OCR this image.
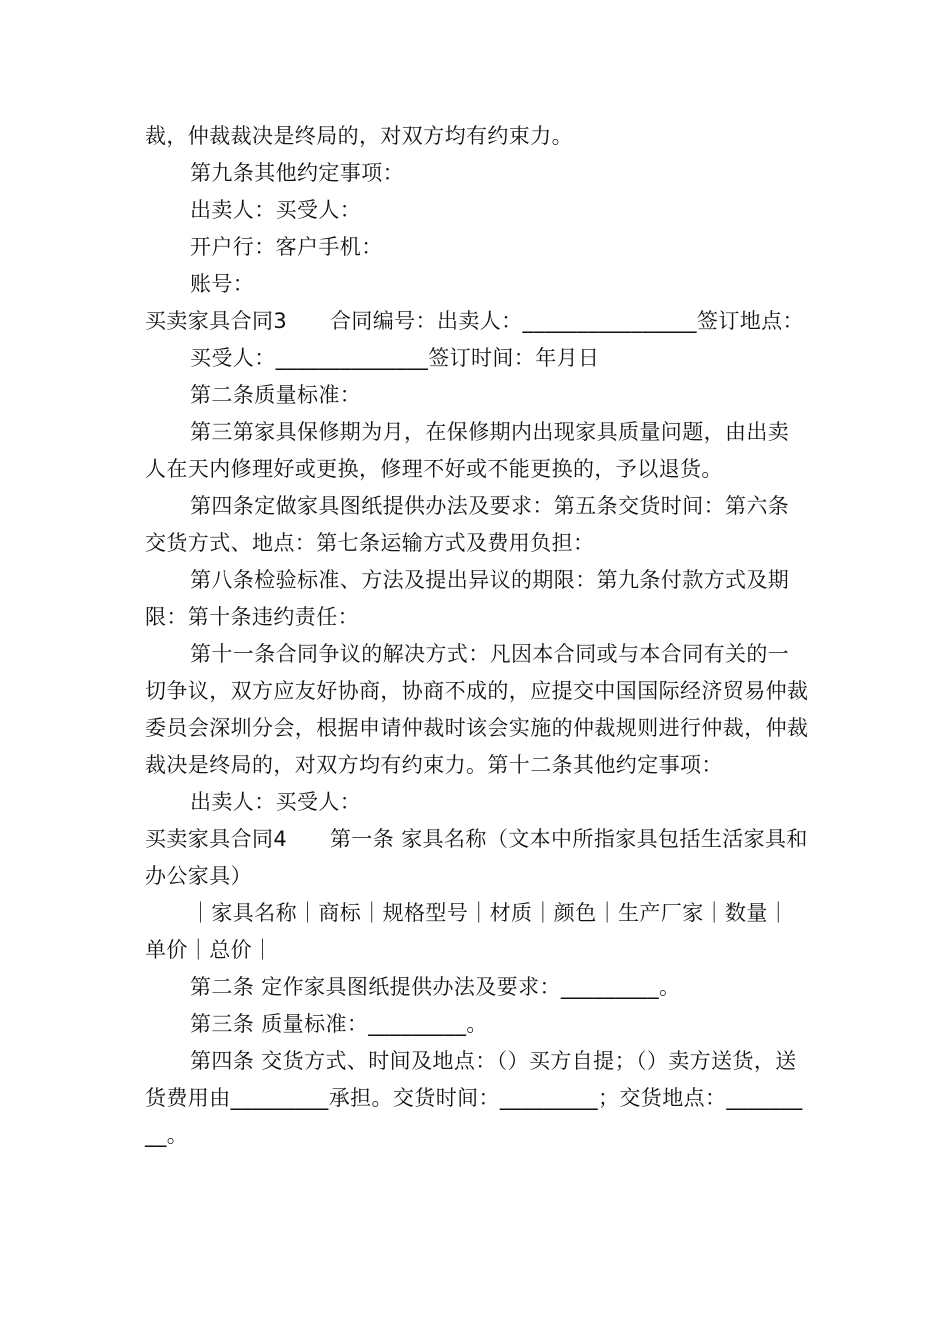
裁，仲裁裁决是终局的，对双方均有约束力。

第九条其他约定事项：

出卖人：买受人：

开户行：客户手机：

账号：

买卖家具合同3　　合同编号：出卖人：________________签订地点：

买受人：______________签订时间：年月日

第二条质量标准：

第三第家具保修期为月，在保修期内出现家具质量问题，由出卖人在天内修理好或更换，修理不好或不能更换的，予以退货。

第四条定做家具图纸提供办法及要求：第五条交货时间：第六条交货方式、地点：第七条运输方式及费用负担：

第八条检验标准、方法及提出异议的期限：第九条付款方式及期限：第十条违约责任：

第十一条合同争议的解决方式：凡因本合同或与本合同有关的一切争议，双方应友好协商，协商不成的，应提交中国国际经济贸易仲裁委员会深圳分会，根据申请仲裁时该会实施的仲裁规则进行仲裁，仲裁裁决是终局的，对双方均有约束力。第十二条其他约定事项：

出卖人：买受人：

买卖家具合同4　　第一条 家具名称（文本中所指家具包括生活家具和办公家具）

｜家具名称｜商标｜规格型号｜材质｜颜色｜生产厂家｜数量｜单价｜总价｜

第二条 定作家具图纸提供办法及要求：_________。

第三条 质量标准：_________。

第四条 交货方式、时间及地点：（）买方自提；（）卖方送货，送货费用由_________承担。交货时间：_________；交货地点：_________。
